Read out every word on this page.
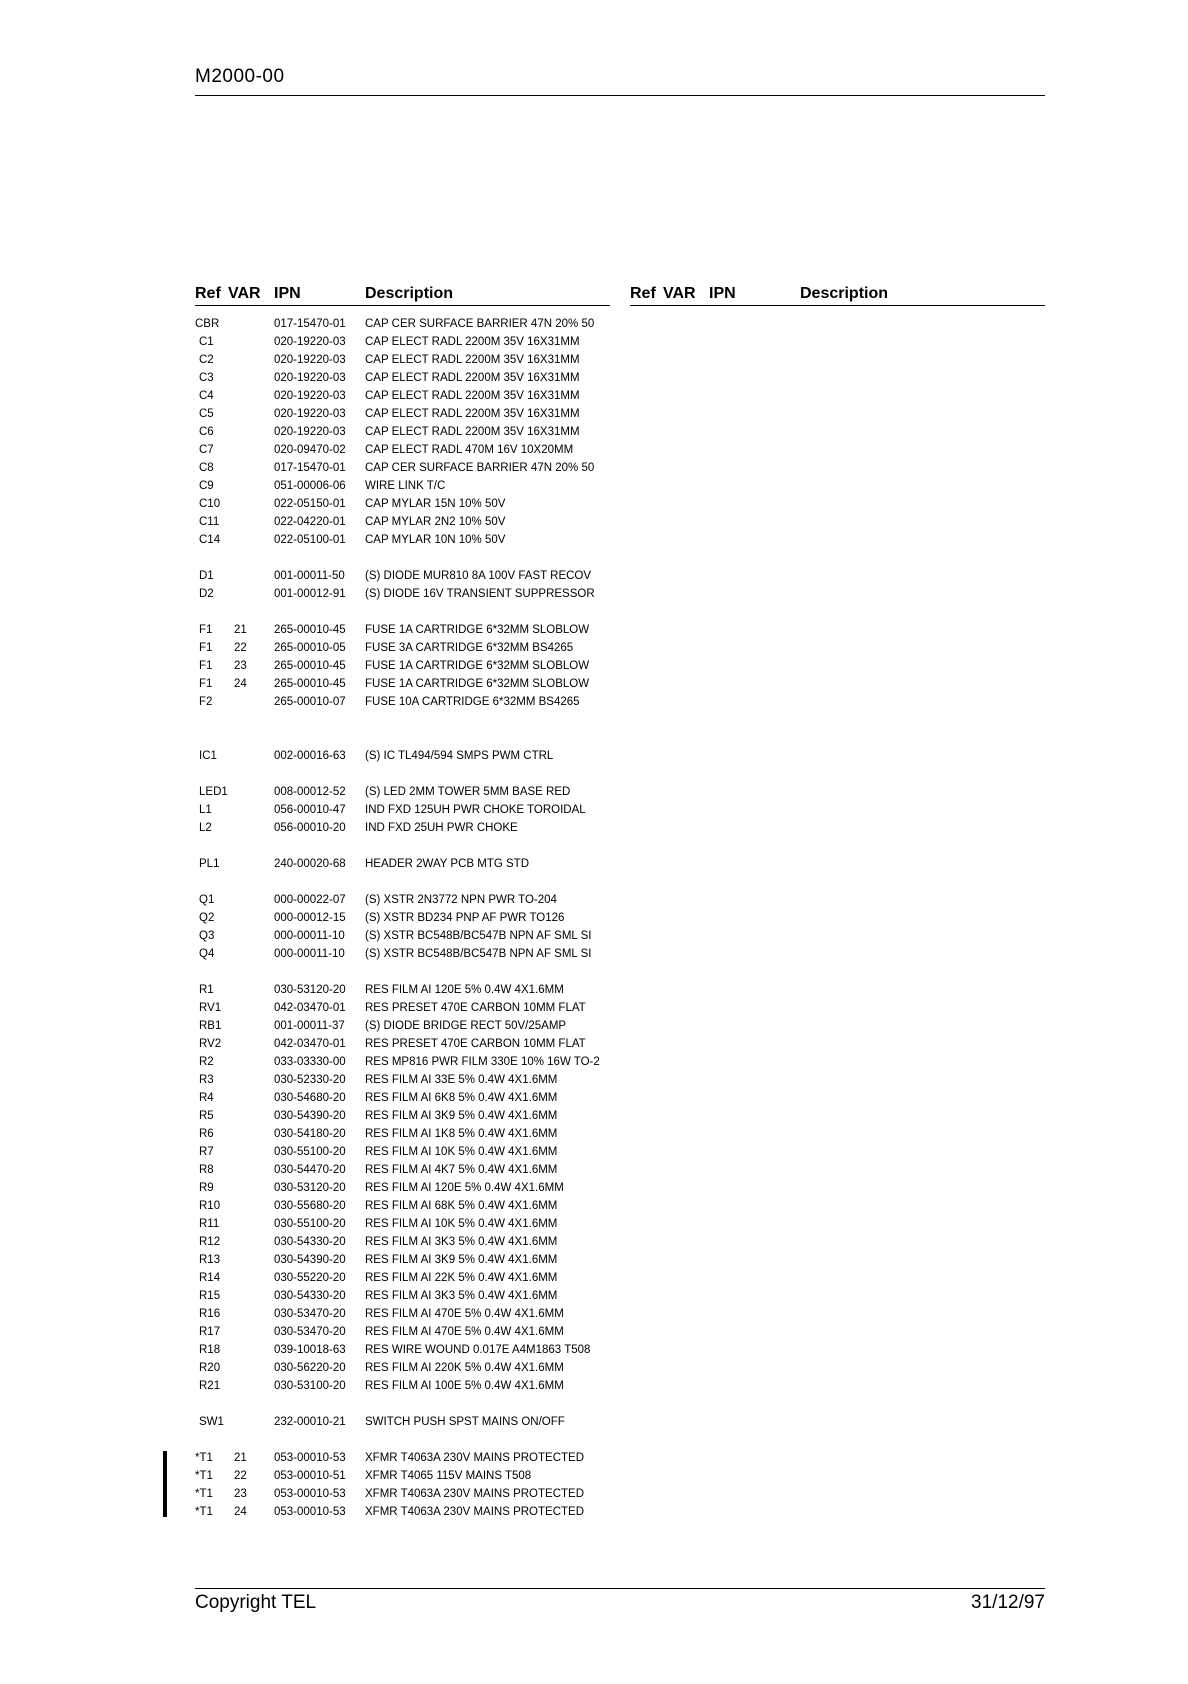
M2000-00
Ref VAR IPN	Description	Ref VAR IPN	Description
CBR	017-15470-01 CAP CER SURFACE BARRIER 47N 20% 50
C1	020-19220-03 CAP ELECT RADL 2200M 35V 16X31MM
C2	020-19220-03 CAP ELECT RADL 2200M 35V 16X31MM
C3	020-19220-03 CAP ELECT RADL 2200M 35V 16X31MM
C4	020-19220-03 CAP ELECT RADL 2200M 35V 16X31MM
C5	020-19220-03 CAP ELECT RADL 2200M 35V 16X31MM
C6	020-19220-03 CAP ELECT RADL 2200M 35V 16X31MM
C7	020-09470-02 CAP ELECT RADL 470M 16V 10X20MM
C8	017-15470-01 CAP CER SURFACE BARRIER 47N 20% 50
C9	051-00006-06 WIRE LINK T/C
C10	022-05150-01 CAP MYLAR 15N 10% 50V
C11	022-04220-01 CAP MYLAR 2N2 10% 50V
C14	022-05100-01 CAP MYLAR 10N 10% 50V
D1	001-00011-50 (S) DIODE MUR810 8A 100V FAST RECOV
D2	001-00012-91 (S) DIODE 16V TRANSIENT SUPPRESSOR
F1 21 265-00010-45 FUSE 1A CARTRIDGE 6*32MM SLOBLOW
F1 22 265-00010-05 FUSE 3A CARTRIDGE 6*32MM BS4265
F1 23 265-00010-45 FUSE 1A CARTRIDGE 6*32MM SLOBLOW
F1 24 265-00010-45 FUSE 1A CARTRIDGE 6*32MM SLOBLOW
F2	265-00010-07 FUSE 10A CARTRIDGE 6*32MM BS4265
IC1	002-00016-63 (S) IC TL494/594 SMPS PWM CTRL
LED1	008-00012-52 (S) LED 2MM TOWER 5MM BASE RED
L1	056-00010-47 IND FXD 125UH PWR CHOKE TOROIDAL
L2	056-00010-20 IND FXD 25UH PWR CHOKE
PL1	240-00020-68 HEADER 2WAY PCB MTG STD
Q1	000-00022-07 (S) XSTR 2N3772 NPN PWR TO-204
Q2	000-00012-15 (S) XSTR BD234 PNP AF PWR TO126
Q3	000-00011-10 (S) XSTR BC548B/BC547B NPN AF SML SI
Q4	000-00011-10 (S) XSTR BC548B/BC547B NPN AF SML SI
R1	030-53120-20 RES FILM AI 120E 5% 0.4W 4X1.6MM
RV1	042-03470-01 RES PRESET 470E CARBON 10MM FLAT
RB1	001-00011-37 (S) DIODE BRIDGE RECT 50V/25AMP
RV2	042-03470-01 RES PRESET 470E CARBON 10MM FLAT
R2	033-03330-00 RES MP816 PWR FILM 330E 10% 16W TO-2
R3	030-52330-20 RES FILM AI 33E 5% 0.4W 4X1.6MM
R4	030-54680-20 RES FILM AI 6K8 5% 0.4W 4X1.6MM
R5	030-54390-20 RES FILM AI 3K9 5% 0.4W 4X1.6MM
R6	030-54180-20 RES FILM AI 1K8 5% 0.4W 4X1.6MM
R7	030-55100-20 RES FILM AI 10K 5% 0.4W 4X1.6MM
R8	030-54470-20 RES FILM AI 4K7 5% 0.4W 4X1.6MM
R9	030-53120-20 RES FILM AI 120E 5% 0.4W 4X1.6MM
R10	030-55680-20 RES FILM AI 68K 5% 0.4W 4X1.6MM
R11	030-55100-20 RES FILM AI 10K 5% 0.4W 4X1.6MM
R12	030-54330-20 RES FILM AI 3K3 5% 0.4W 4X1.6MM
R13	030-54390-20 RES FILM AI 3K9 5% 0.4W 4X1.6MM
R14	030-55220-20 RES FILM AI 22K 5% 0.4W 4X1.6MM
R15	030-54330-20 RES FILM AI 3K3 5% 0.4W 4X1.6MM
R16	030-53470-20 RES FILM AI 470E 5% 0.4W 4X1.6MM
R17	030-53470-20 RES FILM AI 470E 5% 0.4W 4X1.6MM
R18	039-10018-63 RES WIRE WOUND 0.017E A4M1863 T508
R20	030-56220-20 RES FILM AI 220K 5% 0.4W 4X1.6MM
R21	030-53100-20 RES FILM AI 100E 5% 0.4W 4X1.6MM
SW1	232-00010-21 SWITCH PUSH SPST MAINS ON/OFF
*T1 21 053-00010-53 XFMR T4063A 230V MAINS PROTECTED
*T1 22 053-00010-51 XFMR T4065 115V MAINS T508
*T1 23 053-00010-53 XFMR T4063A 230V MAINS PROTECTED
*T1 24 053-00010-53 XFMR T4063A 230V MAINS PROTECTED
Copyright TEL	31/12/97
